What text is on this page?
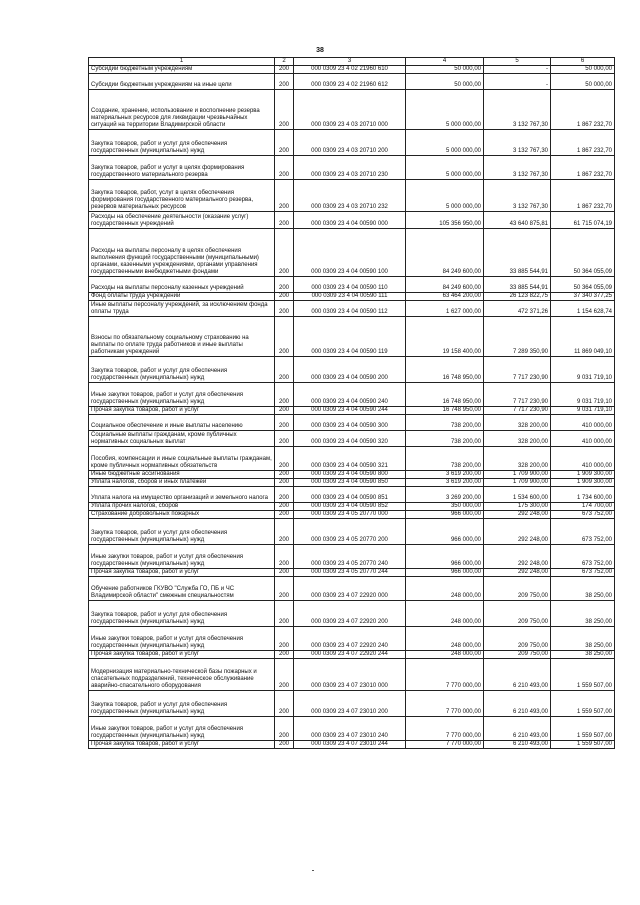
38
1	2	3	4	5	6
Субсидии бюджетным учреждениям	200	000 0309 23 4 02 21960 610	50 000,00	-	50 000,00
Субсидии бюджетным учреждениям на иные цели	200	000 0309 23 4 02 21960 612	50 000,00	-	50 000,00
Создание, хранение, использование и восполнение резерва материальных ресурсов для ликвидации чрезвычайных ситуаций на территории Владимирской области	200	000 0309 23 4 03 20710 000	5 000 000,00	3 132 767,30	1 867 232,70
Закупка товаров, работ и услуг для обеспечения государственных (муниципальных) нужд	200	000 0309 23 4 03 20710 200	5 000 000,00	3 132 767,30	1 867 232,70
Закупка товаров, работ и услуг в целях формирования государственного материального резерва	200	000 0309 23 4 03 20710 230	5 000 000,00	3 132 767,30	1 867 232,70
Закупка товаров, работ, услуг в целях обеспечения формирования государственного материального резерва, резервов материальных ресурсов	200	000 0309 23 4 03 20710 232	5 000 000,00	3 132 767,30	1 867 232,70
Расходы на обеспечение деятельности (оказание услуг) государственных учреждений	200	000 0309 23 4 04 00590 000	105 356 950,00	43 640 875,81	61 715 074,19
Расходы на выплаты персоналу в целях обеспечения выполнения функций государственными (муниципальными) органами, казенными учреждениями, органами управления государственными внебюджетными фондами	200	000 0309 23 4 04 00590 100	84 249 600,00	33 885 544,91	50 364 055,09
Расходы на выплаты персоналу казенных учреждений	200	000 0309 23 4 04 00590 110	84 249 600,00	33 885 544,91	50 364 055,09
Фонд оплаты труда учреждений	200	000 0309 23 4 04 00590 111	63 464 200,00	26 123 822,75	37 340 377,25
Иные выплаты персоналу учреждений, за исключением фонда оплаты труда	200	000 0309 23 4 04 00590 112	1 627 000,00	472 371,26	1 154 628,74
Взносы по обязательному социальному страхованию на выплаты по оплате труда работников и иные выплаты работникам учреждений	200	000 0309 23 4 04 00590 119	19 158 400,00	7 289 350,90	11 869 049,10
Закупка товаров, работ и услуг для обеспечения государственных (муниципальных) нужд	200	000 0309 23 4 04 00590 200	16 748 950,00	7 717 230,90	9 031 719,10
Иные закупки товаров, работ и услуг для обеспечения государственных (муниципальных) нужд	200	000 0309 23 4 04 00590 240	16 748 950,00	7 717 230,90	9 031 719,10
Прочая закупка товаров, работ и услуг	200	000 0309 23 4 04 00590 244	16 748 950,00	7 717 230,90	9 031 719,10
Социальное обеспечение и иные выплаты населению	200	000 0309 23 4 04 00590 300	738 200,00	328 200,00	410 000,00
Социальные выплаты гражданам, кроме публичных нормативных социальных выплат	200	000 0309 23 4 04 00590 320	738 200,00	328 200,00	410 000,00
Пособия, компенсации и иные социальные выплаты гражданам, кроме публичных нормативных обязательств	200	000 0309 23 4 04 00590 321	738 200,00	328 200,00	410 000,00
Иные бюджетные ассигнования	200	000 0309 23 4 04 00590 800	3 619 200,00	1 709 900,00	1 909 300,00
Уплата налогов, сборов и иных платежей	200	000 0309 23 4 04 00590 850	3 619 200,00	1 709 900,00	1 909 300,00
Уплата налога на имущество организаций и земельного налога	200	000 0309 23 4 04 00590 851	3 269 200,00	1 534 600,00	1 734 600,00
Уплата прочих налогов, сборов	200	000 0309 23 4 04 00590 852	350 000,00	175 300,00	174 700,00
Страхование добровольных пожарных	200	000 0309 23 4 05 20770 000	966 000,00	292 248,00	673 752,00
Закупка товаров, работ и услуг для обеспечения государственных (муниципальных) нужд	200	000 0309 23 4 05 20770 200	966 000,00	292 248,00	673 752,00
Иные закупки товаров, работ и услуг для обеспечения государственных (муниципальных) нужд	200	000 0309 23 4 05 20770 240	966 000,00	292 248,00	673 752,00
Прочая закупка товаров, работ и услуг	200	000 0309 23 4 05 20770 244	966 000,00	292 248,00	673 752,00
Обучение работников ГКУВО "Служба ГО, ПБ и ЧС Владимирской области" смежным специальностям	200	000 0309 23 4 07 22920 000	248 000,00	209 750,00	38 250,00
Закупка товаров, работ и услуг для обеспечения государственных (муниципальных) нужд	200	000 0309 23 4 07 22920 200	248 000,00	209 750,00	38 250,00
Иные закупки товаров, работ и услуг для обеспечения государственных (муниципальных) нужд	200	000 0309 23 4 07 22920 240	248 000,00	209 750,00	38 250,00
Прочая закупка товаров, работ и услуг	200	000 0309 23 4 07 22920 244	248 000,00	209 750,00	38 250,00
Модернизация материально-технической базы пожарных и спасательных подразделений, техническое обслуживание аварийно-спасательного оборудования	200	000 0309 23 4 07 23010 000	7 770 000,00	6 210 493,00	1 559 507,00
Закупка товаров, работ и услуг для обеспечения государственных (муниципальных) нужд	200	000 0309 23 4 07 23010 200	7 770 000,00	6 210 493,00	1 559 507,00
Иные закупки товаров, работ и услуг для обеспечения государственных (муниципальных) нужд	200	000 0309 23 4 07 23010 240	7 770 000,00	6 210 493,00	1 559 507,00
Прочая закупка товаров, работ и услуг	200	000 0309 23 4 07 23010 244	7 770 000,00	6 210 493,00	1 559 507,00
